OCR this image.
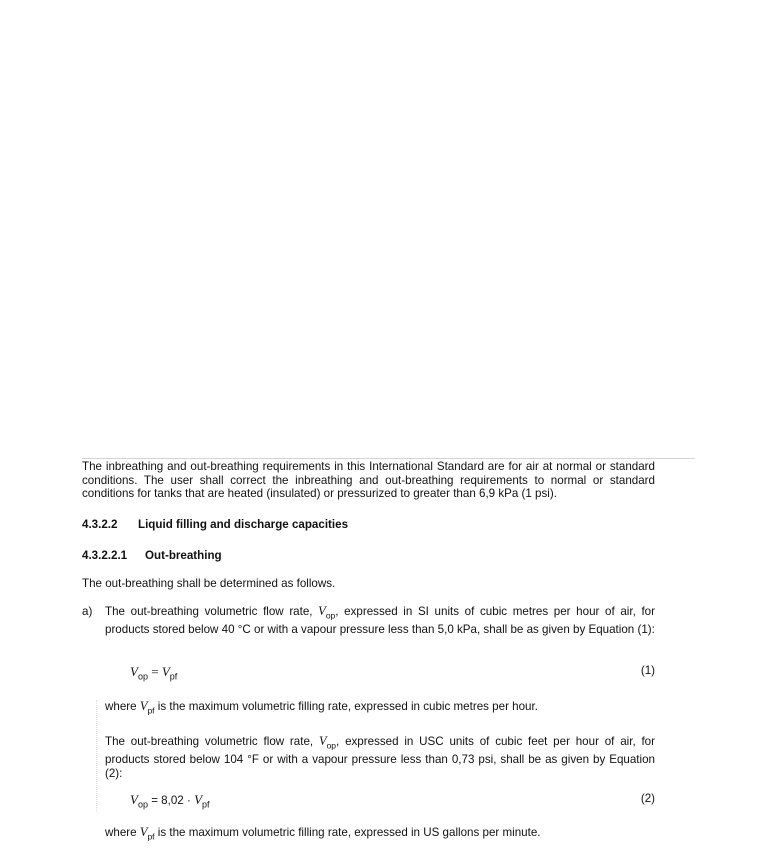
The inbreathing and out-breathing requirements in this International Standard are for air at normal or standard conditions. The user shall correct the inbreathing and out-breathing requirements to normal or standard conditions for tanks that are heated (insulated) or pressurized to greater than 6,9 kPa (1 psi).

4.3.2.2 Liquid filling and discharge capacities
4.3.2.2.1 Out-breathing

The out-breathing shall be determined as follows.

a) The out-breathing volumetric flow rate, $V_{op}$, expressed in SI units of cubic metres per hour of air, for products stored below 40 °C or with a vapour pressure less than 5,0 kPa, shall be as given by Equation (1):

$V_{op} = V_{pf}$	(1)

where $V_{pf}$ is the maximum volumetric filling rate, expressed in cubic metres per hour.

The out-breathing volumetric flow rate, $V_{op}$, expressed in USC units of cubic feet per hour of air, for products stored below 104 °F or with a vapour pressure less than 0,73 psi, shall be as given by Equation (2):

$V_{op} = 8,02 \cdot V_{pf}$	(2)

where $V_{pf}$ is the maximum volumetric filling rate, expressed in US gallons per minute.
